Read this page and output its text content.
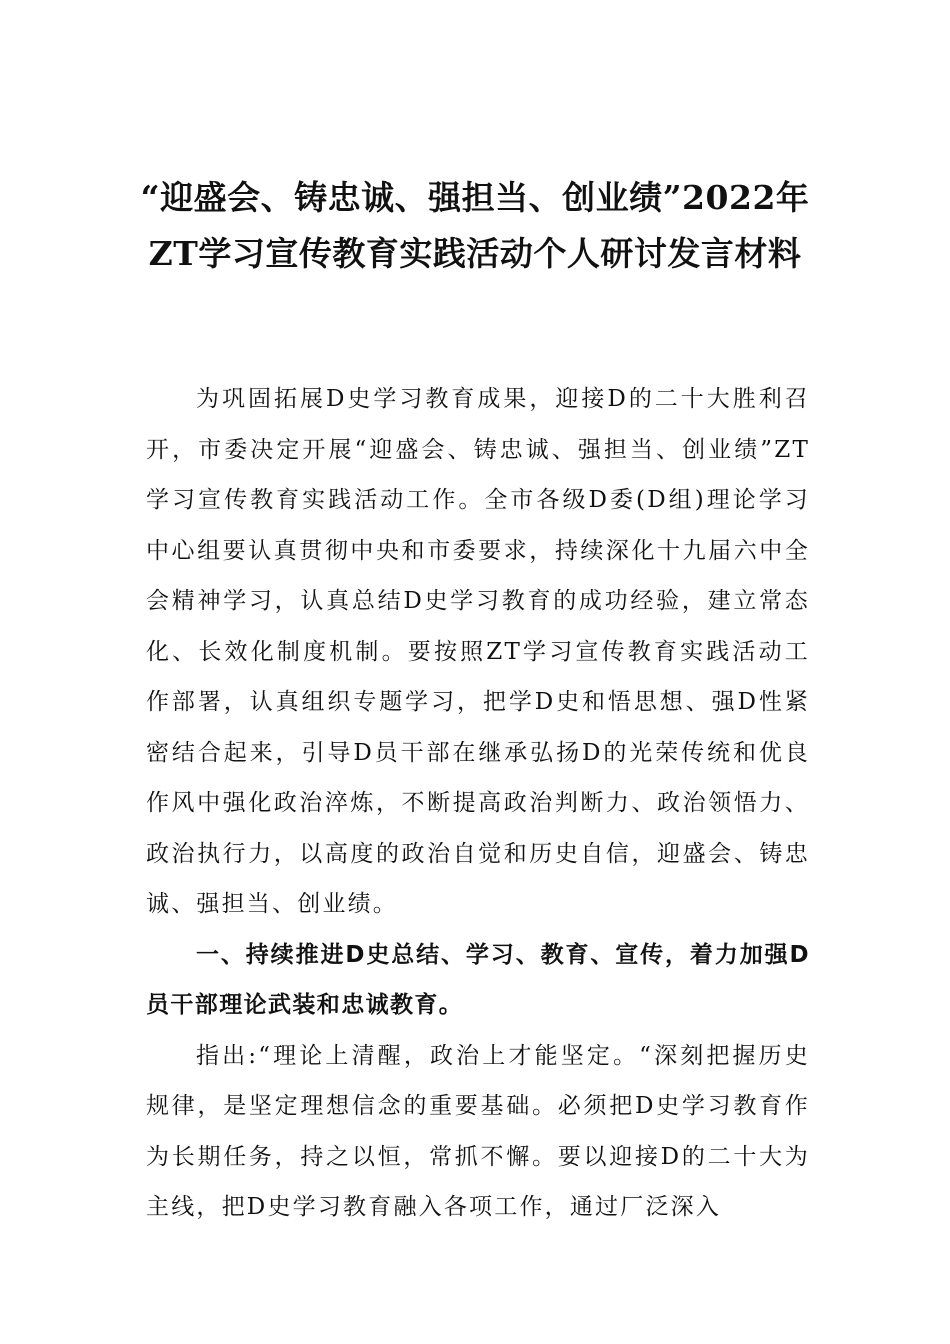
“迎盛会、铸忠诚、强担当、创业绩”2022年ZT学习宣传教育实践活动个人研讨发言材料

为巩固拓展D史学习教育成果，迎接D的二十大胜利召开，市委决定开展“迎盛会、铸忠诚、强担当、创业绩”ZT学习宣传教育实践活动工作。全市各级D委(D组)理论学习中心组要认真贯彻中央和市委要求，持续深化十九届六中全会精神学习，认真总结D史学习教育的成功经验，建立常态化、长效化制度机制。要按照ZT学习宣传教育实践活动工作部署，认真组织专题学习，把学D史和悟思想、强D性紧密结合起来，引导D员干部在继承弘扬D的光荣传统和优良作风中强化政治淬炼，不断提高政治判断力、政治领悟力、政治执行力，以高度的政治自觉和历史自信，迎盛会、铸忠诚、强担当、创业绩。

一、持续推进D史总结、学习、教育、宣传，着力加强D员干部理论武装和忠诚教育。

指出:“理论上清醒，政治上才能坚定。“深刻把握历史规律，是坚定理想信念的重要基础。必须把D史学习教育作为长期任务，持之以恒，常抓不懈。要以迎接D的二十大为主线，把D史学习教育融入各项工作，通过厂泛深入
